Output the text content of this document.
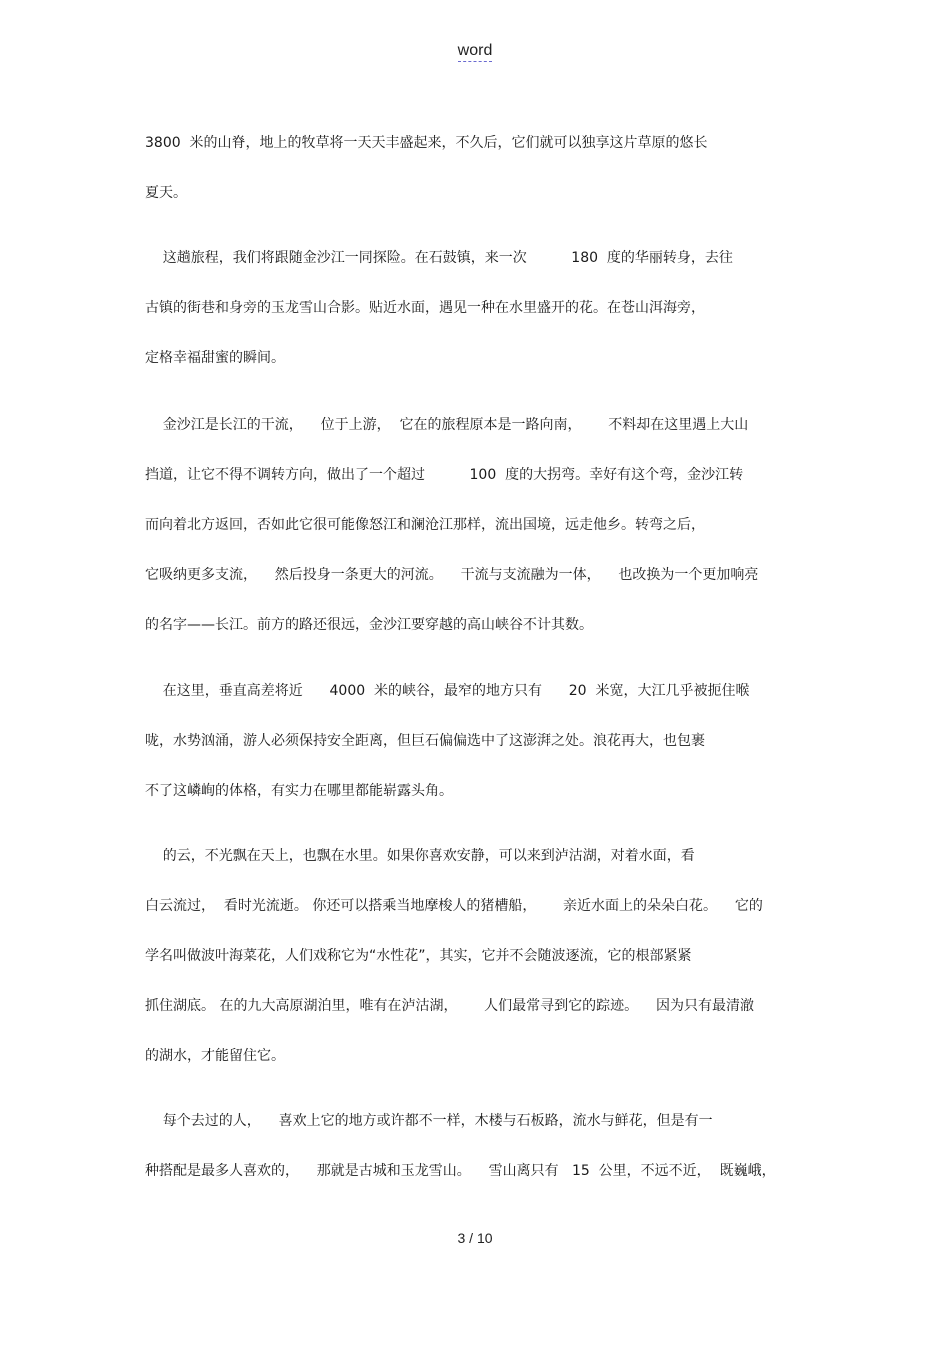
word
3800  米的山脊，地上的牧草将一天天丰盛起来，不久后，它们就可以独享这片草原的悠长
夏天。
这趟旅程，我们将跟随金沙江一同探险。在石鼓镇，来一次          180  度的华丽转身，去往
古镇的街巷和身旁的玉龙雪山合影。贴近水面，遇见一种在水里盛开的花。在苍山洱海旁，
定格幸福甜蜜的瞬间。
金沙江是长江的干流，    位于上游，  它在的旅程原本是一路向南，      不料却在这里遇上大山
挡道，让它不得不调转方向，做出了一个超过          100  度的大拐弯。幸好有这个弯，金沙江转
而向着北方返回，否如此它很可能像怒江和澜沧江那样，流出国境，远走他乡。转弯之后，
它吸纳更多支流，    然后投身一条更大的河流。    干流与支流融为一体，    也改换为一个更加响亮
的名字——长江。前方的路还很远，金沙江要穿越的高山峡谷不计其数。
在这里，垂直高差将近      4000  米的峡谷，最窄的地方只有      20  米宽，大江几乎被扼住喉
咙，水势汹涌，游人必须保持安全距离，但巨石偏偏选中了这澎湃之处。浪花再大，也包裹
不了这嶙峋的体格，有实力在哪里都能崭露头角。
的云，不光飘在天上，也飘在水里。如果你喜欢安静，可以来到泸沽湖，对着水面，看
白云流过，  看时光流逝。 你还可以搭乘当地摩梭人的猪槽船，      亲近水面上的朵朵白花。    它的
学名叫做波叶海菜花，人们戏称它为“水性花”，其实，它并不会随波逐流，它的根部紧紧
抓住湖底。 在的九大高原湖泊里，唯有在泸沽湖，      人们最常寻到它的踪迹。    因为只有最清澈
的湖水，才能留住它。
每个去过的人，    喜欢上它的地方或许都不一样，木楼与石板路，流水与鲜花，但是有一
种搭配是最多人喜欢的，    那就是古城和玉龙雪山。    雪山离只有   15  公里，不远不近，  既巍峨，
3 / 10
